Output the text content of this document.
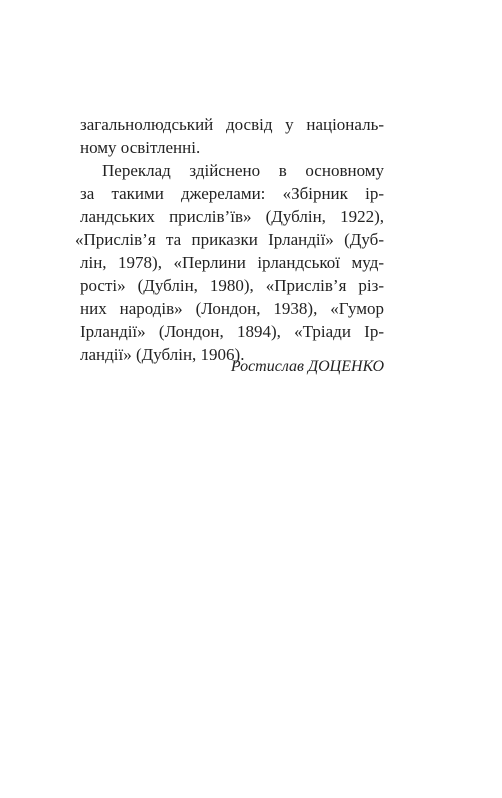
загальнолюдський досвід у національ-
ному освітленні.
Переклад здійснено в основному
за такими джерелами: «Збірник ір-
ландських прислів’їв» (Дублін, 1922),
«Прислів’я та приказки Ірландії» (Дуб-
лін, 1978), «Перлини ірландської муд-
рості» (Дублін, 1980), «Прислів’я різ-
них народів» (Лондон, 1938), «Гумор
Ірландії» (Лондон, 1894), «Тріади Ір-
ландії» (Дублін, 1906).
Ростислав ДОЦЕНКО
